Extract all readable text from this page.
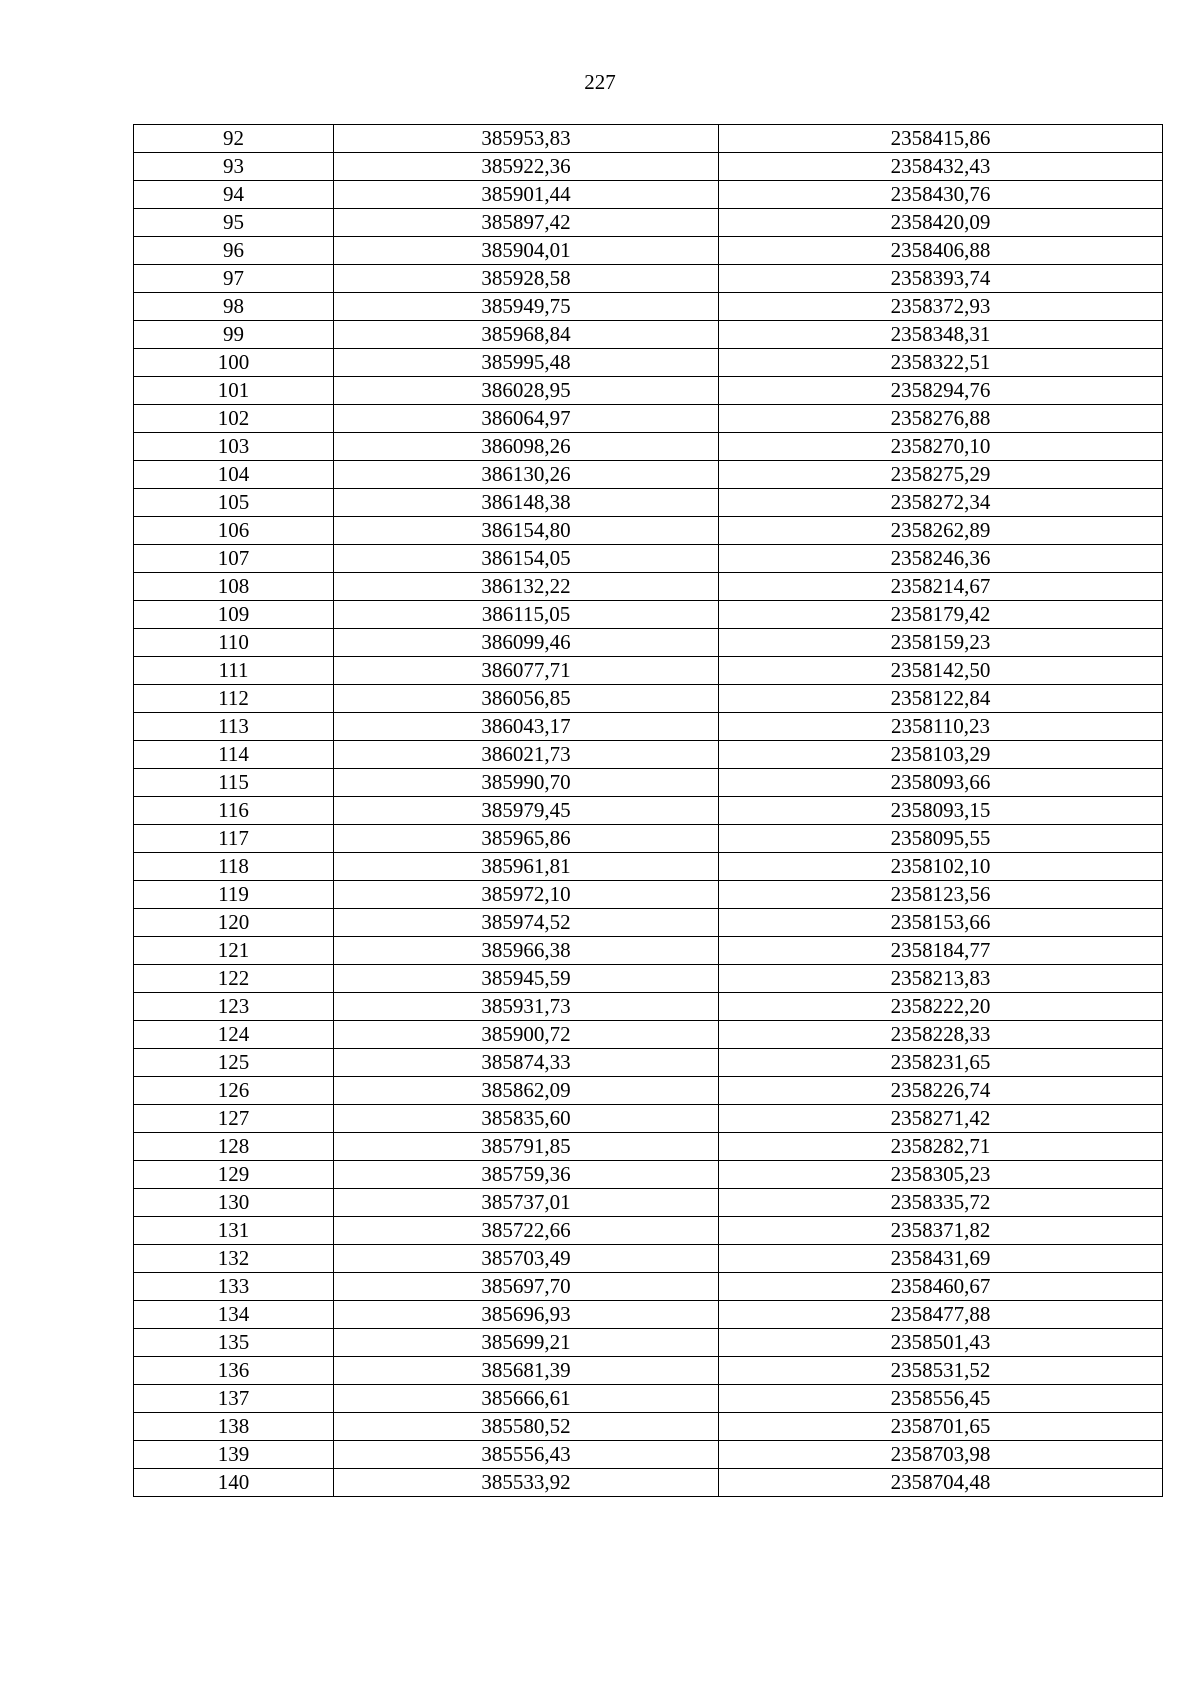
227
92	385953,83	2358415,86
93	385922,36	2358432,43
94	385901,44	2358430,76
95	385897,42	2358420,09
96	385904,01	2358406,88
97	385928,58	2358393,74
98	385949,75	2358372,93
99	385968,84	2358348,31
100	385995,48	2358322,51
101	386028,95	2358294,76
102	386064,97	2358276,88
103	386098,26	2358270,10
104	386130,26	2358275,29
105	386148,38	2358272,34
106	386154,80	2358262,89
107	386154,05	2358246,36
108	386132,22	2358214,67
109	386115,05	2358179,42
110	386099,46	2358159,23
111	386077,71	2358142,50
112	386056,85	2358122,84
113	386043,17	2358110,23
114	386021,73	2358103,29
115	385990,70	2358093,66
116	385979,45	2358093,15
117	385965,86	2358095,55
118	385961,81	2358102,10
119	385972,10	2358123,56
120	385974,52	2358153,66
121	385966,38	2358184,77
122	385945,59	2358213,83
123	385931,73	2358222,20
124	385900,72	2358228,33
125	385874,33	2358231,65
126	385862,09	2358226,74
127	385835,60	2358271,42
128	385791,85	2358282,71
129	385759,36	2358305,23
130	385737,01	2358335,72
131	385722,66	2358371,82
132	385703,49	2358431,69
133	385697,70	2358460,67
134	385696,93	2358477,88
135	385699,21	2358501,43
136	385681,39	2358531,52
137	385666,61	2358556,45
138	385580,52	2358701,65
139	385556,43	2358703,98
140	385533,92	2358704,48
